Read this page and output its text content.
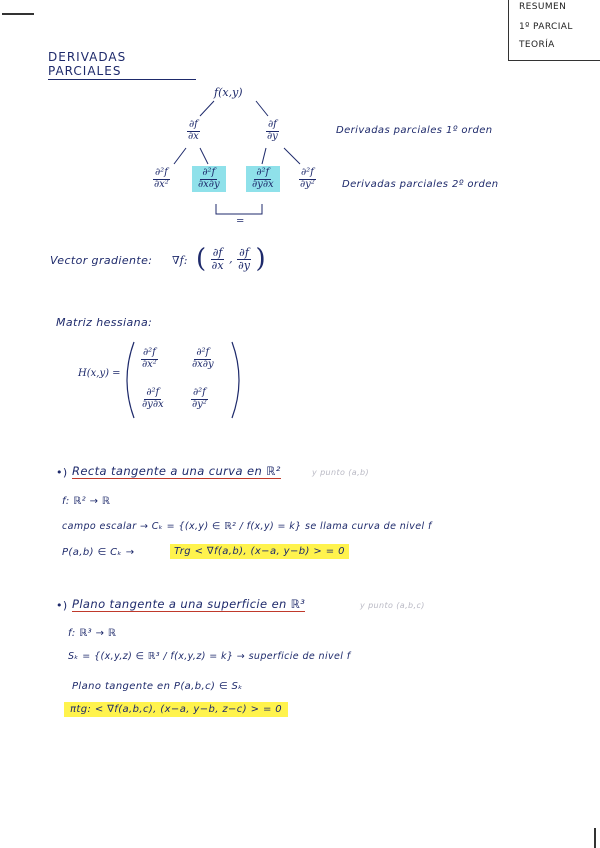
RESUMEN
1º PARCIAL
TEORÍA
DERIVADAS PARCIALES
f(x,y)
$\frac{\partial f}{\partial x}$	$\frac{\partial f}{\partial y}$	Derivadas parciales 1º orden
$\frac{\text{∂²f}}{\text{∂x²}}$	$\frac{\text{∂²f}}{\partial x\partial y}$	$\frac{\text{∂²f}}{\partial y\partial x} \frac{\text{∂²f}}{\text{∂y²}}$
=
Derivadas parciales 2º orden
Vector gradiente: ∇f: ( $\frac{\partial f}{\partial x}$ , $\frac{\partial f}{\partial y}$ )
Matriz hessiana:
H(x,y) =
$\frac{\text{∂²f}}{\text{∂x²}}$	$\frac{\text{∂²f}}{\partial x\partial y}$
$\frac{\text{∂²f}}{\partial y\partial x} \frac{\text{∂²f}}{\text{∂y²}}$
•) Recta tangente a una curva en ℝ²	y punto (a,b)
f: ℝ² → ℝ
campo escalar → Cₖ = {(x,y) ∈ ℝ² / f(x,y) = k} se llama curva de nivel f
P(a,b) ∈ Cₖ →	Trg < ∇f(a,b), (x−a, y−b) > = 0
•) Plano tangente a una superficie en ℝ³	y punto (a,b,c)
f: ℝ³ → ℝ
Sₖ = {(x,y,z) ∈ ℝ³ / f(x,y,z) = k} → superficie de nivel f
Plano tangente en P(a,b,c) ∈ Sₖ
πtg: < ∇f(a,b,c), (x−a, y−b, z−c) > = 0
